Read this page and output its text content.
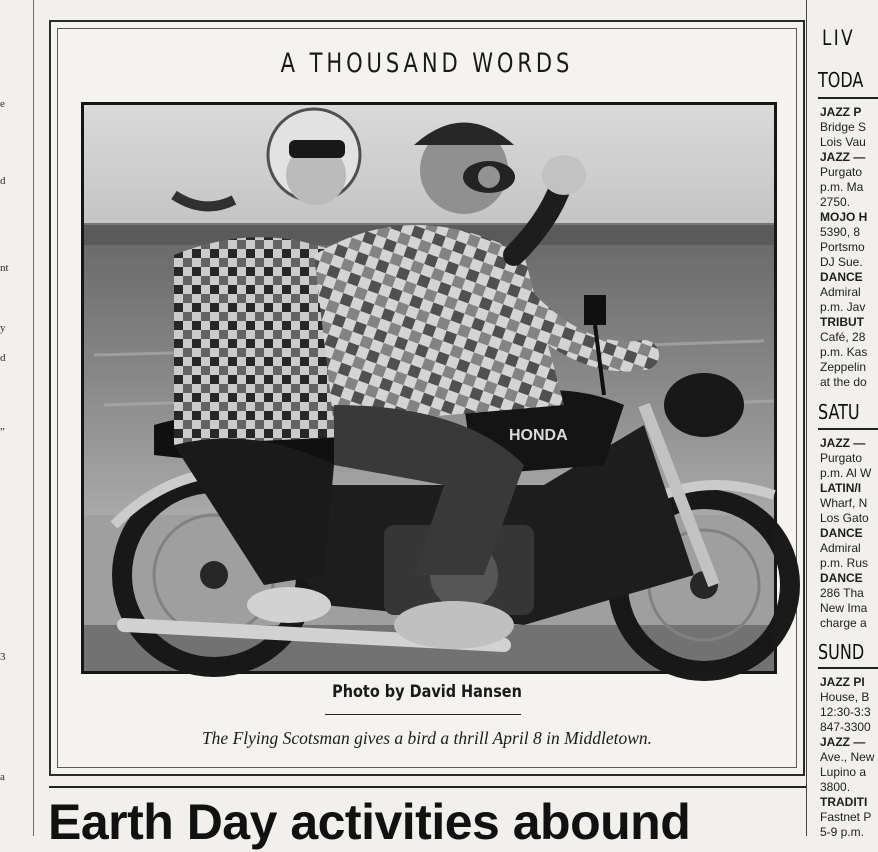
e
d
nt
y
d
”
3
a
A THOUSAND WORDS
HONDA
Photo by David Hansen
The Flying Scotsman gives a bird a thrill April 8 in Middletown.
LIV
TODA
JAZZ P
Bridge S
Lois Vau
JAZZ —
Purgato
p.m. Ma
2750.
MOJO H
5390, 8
Portsmo
DJ Sue.
DANCE
Admiral
p.m. Jav
TRIBUT
Café, 28
p.m. Kas
Zeppelin
at the do
SATU
JAZZ —
Purgato
p.m. Al W
LATIN/I
Wharf, N
Los Gato
DANCE
Admiral
p.m. Rus
DANCE
286 Tha
New Ima
charge a
SUND
JAZZ PI
House, B
12:30-3:3
847-3300
JAZZ —
Ave., New
Lupino a
3800.
TRADITI
Fastnet P
5-9 p.m.
Earth Day activities abound
